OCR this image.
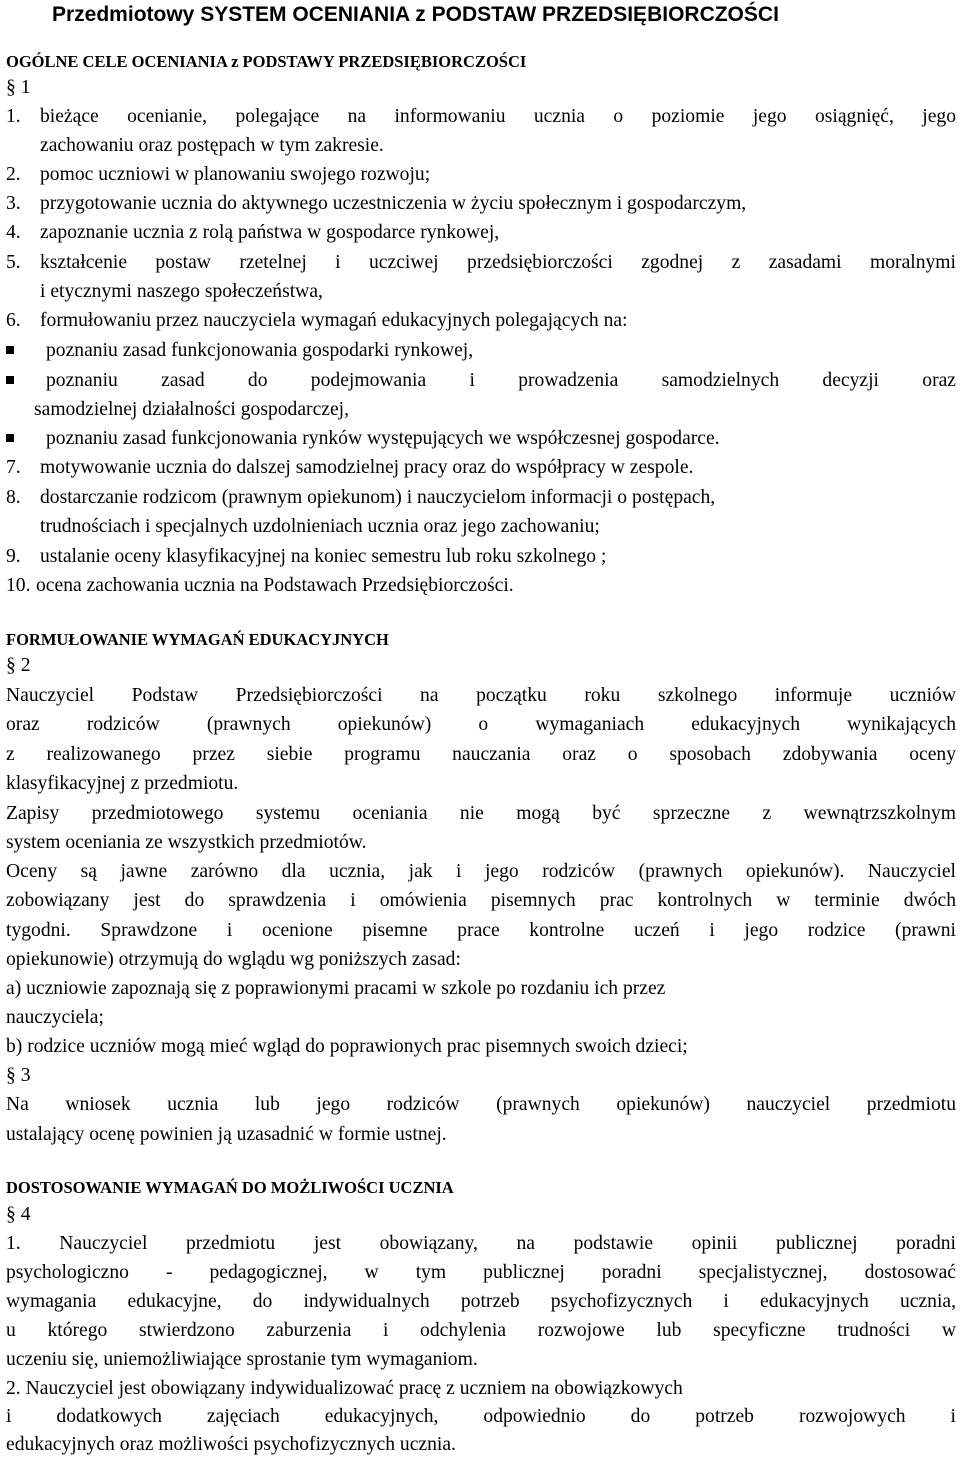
Przedmiotowy SYSTEM OCENIANIA z PODSTAW PRZEDSIĘBIORCZOŚCI
OGÓLNE CELE OCENIANIA z PODSTAWY PRZEDSIĘBIORCZOŚCI
§ 1
1. bieżące ocenianie, polegające na informowaniu ucznia o poziomie jego osiągnięć, jego
zachowaniu oraz postępach w tym zakresie.
2. pomoc uczniowi w planowaniu swojego rozwoju;
3. przygotowanie ucznia do aktywnego uczestniczenia w życiu społecznym i gospodarczym,
4. zapoznanie ucznia z rolą państwa w gospodarce rynkowej,
5. kształcenie postaw rzetelnej i uczciwej przedsiębiorczości zgodnej z zasadami moralnymi
i etycznymi naszego społeczeństwa,
6. formułowaniu przez nauczyciela wymagań edukacyjnych polegających na:
poznaniu zasad funkcjonowania gospodarki rynkowej,
poznaniu zasad do podejmowania i prowadzenia samodzielnych decyzji oraz
samodzielnej działalności gospodarczej,
poznaniu zasad funkcjonowania rynków występujących we współczesnej gospodarce.
7. motywowanie ucznia do dalszej samodzielnej pracy oraz do współpracy w zespole.
8. dostarczanie rodzicom (prawnym opiekunom) i nauczycielom informacji o postępach,
trudnościach i specjalnych uzdolnieniach ucznia oraz jego zachowaniu;
9. ustalanie oceny klasyfikacyjnej na koniec semestru lub roku szkolnego ;
10. ocena zachowania ucznia na Podstawach Przedsiębiorczości.
FORMUŁOWANIE WYMAGAŃ EDUKACYJNYCH
§ 2
Nauczyciel Podstaw Przedsiębiorczości na początku roku szkolnego informuje uczniów
oraz rodziców (prawnych opiekunów) o wymaganiach edukacyjnych wynikających
z realizowanego przez siebie programu nauczania oraz o sposobach zdobywania oceny
klasyfikacyjnej z przedmiotu.
Zapisy przedmiotowego systemu oceniania nie mogą być sprzeczne z wewnątrzszkolnym
system oceniania ze wszystkich przedmiotów.
Oceny są jawne zarówno dla ucznia, jak i jego rodziców (prawnych opiekunów). Nauczyciel
zobowiązany jest do sprawdzenia i omówienia pisemnych prac kontrolnych w terminie dwóch
tygodni. Sprawdzone i ocenione pisemne prace kontrolne uczeń i jego rodzice (prawni
opiekunowie) otrzymują do wglądu wg poniższych zasad:
a) uczniowie zapoznają się z poprawionymi pracami w szkole po rozdaniu ich przez
nauczyciela;
b) rodzice uczniów mogą mieć wgląd do poprawionych prac pisemnych swoich dzieci;
§ 3
Na wniosek ucznia lub jego rodziców (prawnych opiekunów) nauczyciel przedmiotu
ustalający ocenę powinien ją uzasadnić w formie ustnej.
DOSTOSOWANIE WYMAGAŃ DO MOŻLIWOŚCI UCZNIA
§ 4
1. Nauczyciel przedmiotu jest obowiązany, na podstawie opinii publicznej poradni
psychologiczno - pedagogicznej, w tym publicznej poradni specjalistycznej, dostosować
wymagania edukacyjne, do indywidualnych potrzeb psychofizycznych i edukacyjnych ucznia,
u którego stwierdzono zaburzenia i odchylenia rozwojowe lub specyficzne trudności w
uczeniu się, uniemożliwiające sprostanie tym wymaganiom.
2. Nauczyciel jest obowiązany indywidualizować pracę z uczniem na obowiązkowych
i dodatkowych zajęciach edukacyjnych, odpowiednio do potrzeb rozwojowych i
edukacyjnych oraz możliwości psychofizycznych ucznia.
